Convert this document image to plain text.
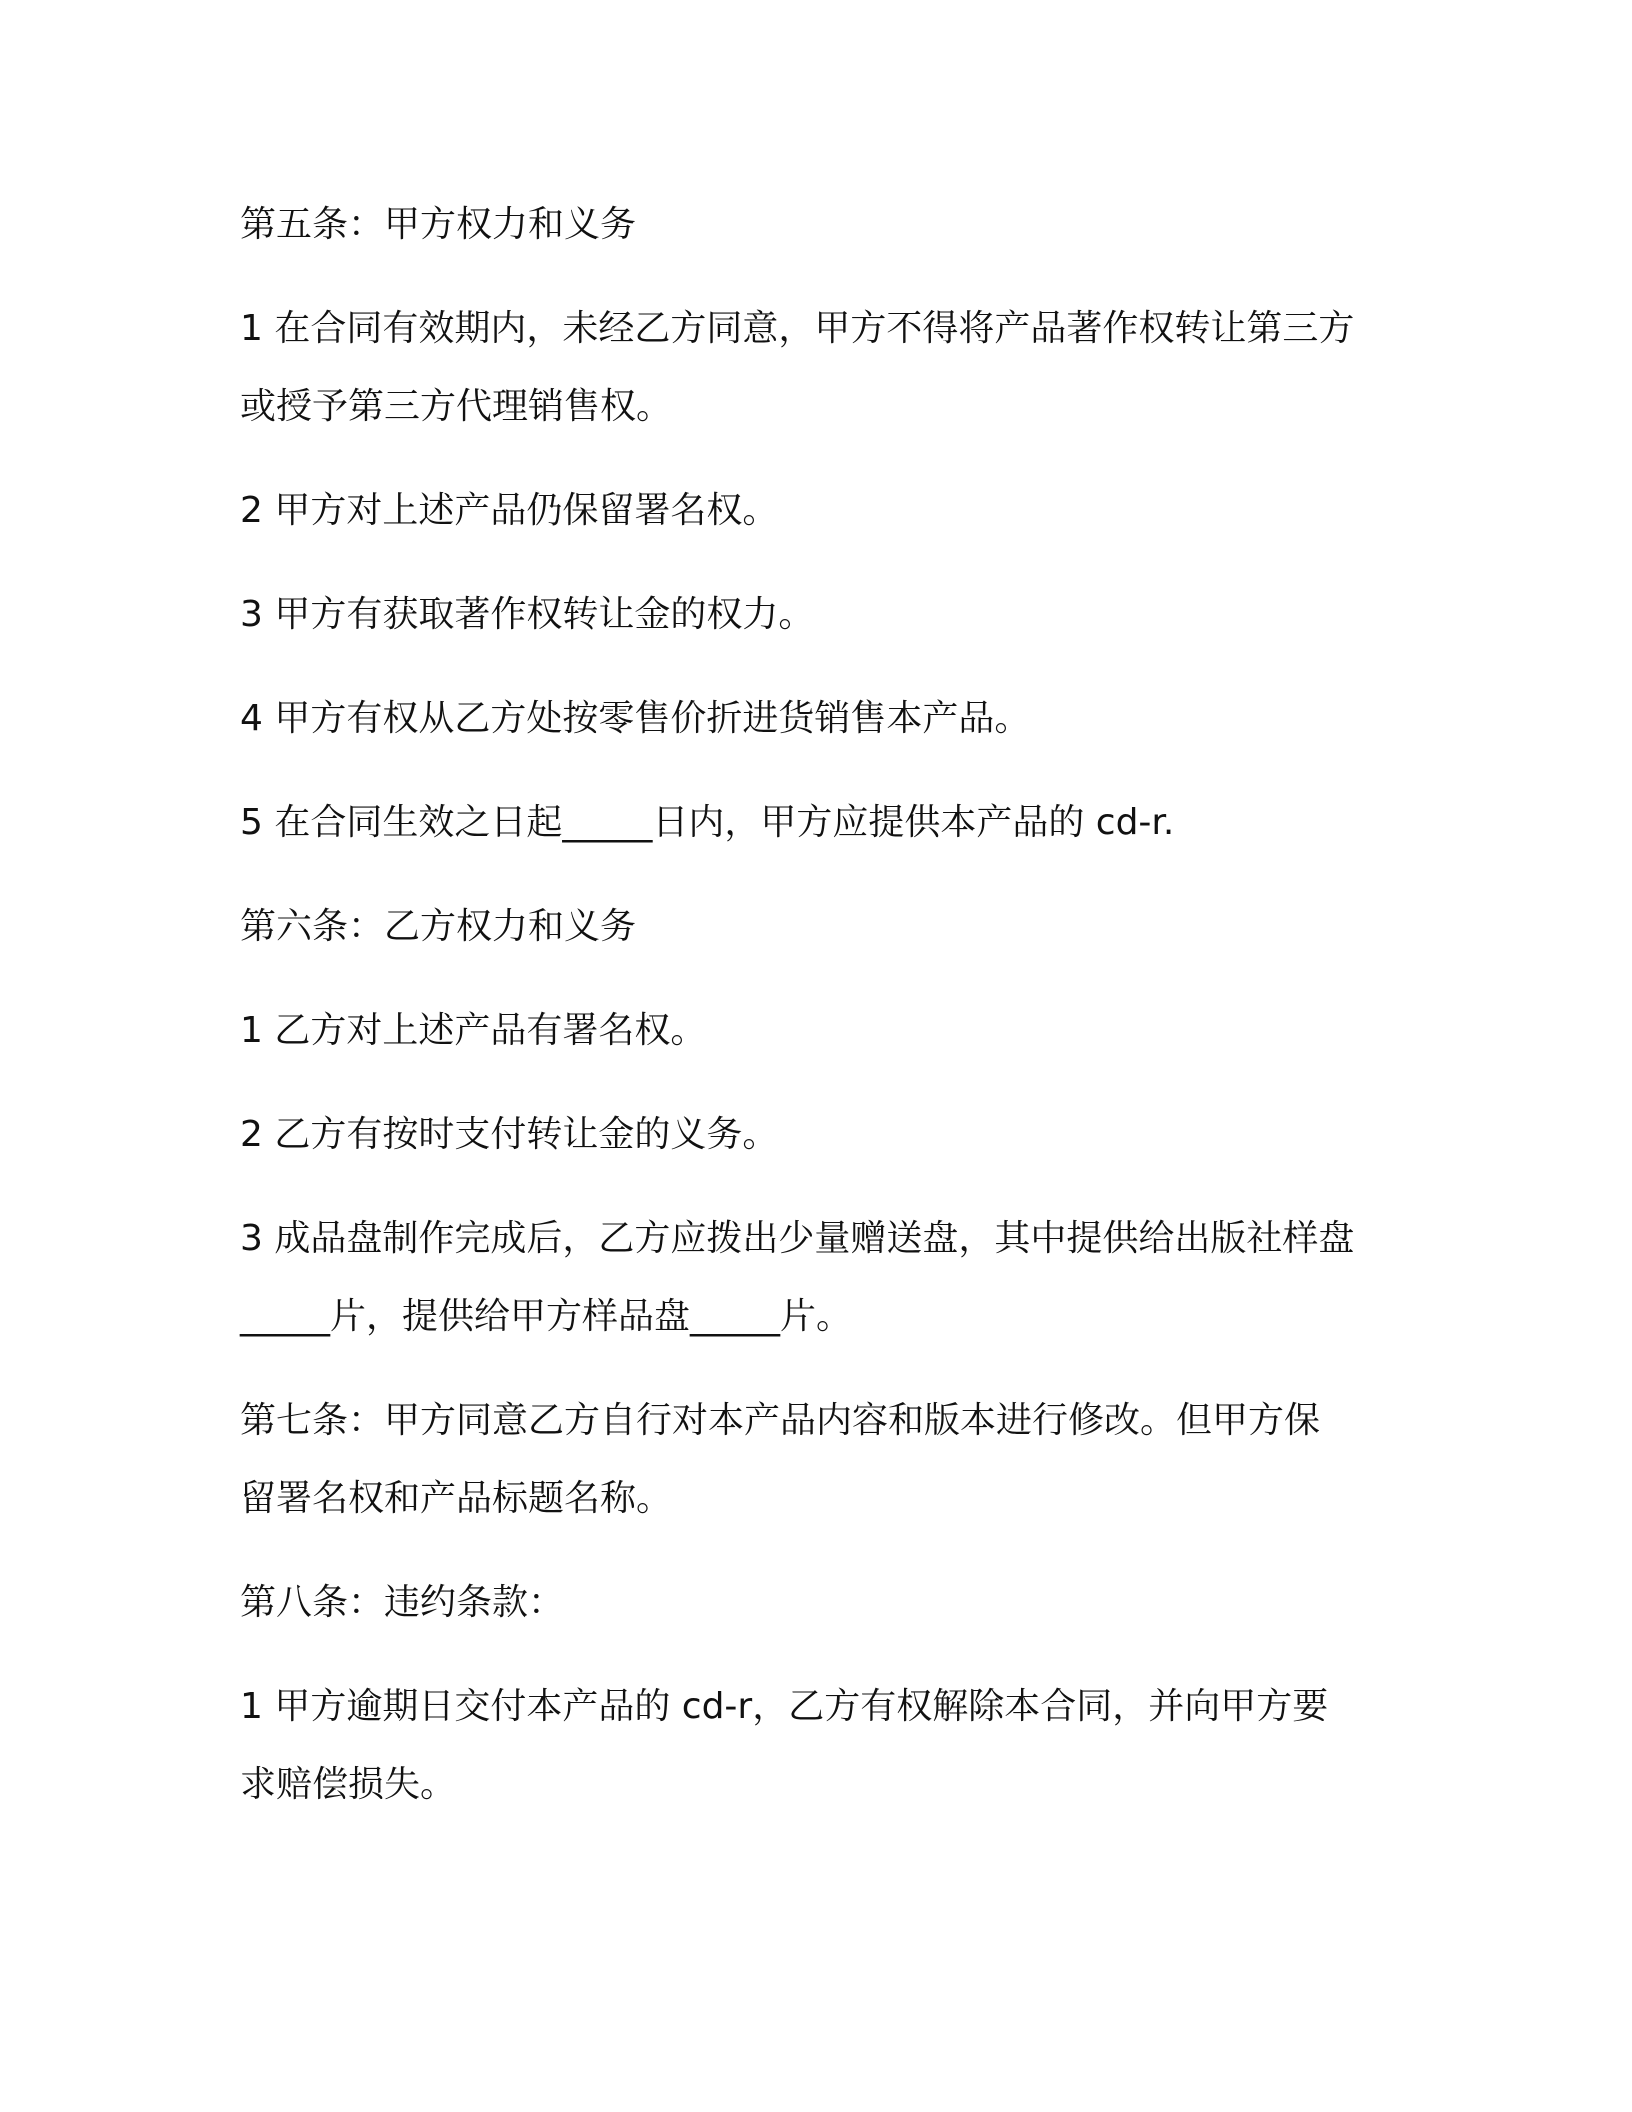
第五条：甲方权力和义务

1 在合同有效期内，未经乙方同意，甲方不得将产品著作权转让第三方
或授予第三方代理销售权。

2 甲方对上述产品仍保留署名权。

3 甲方有获取著作权转让金的权力。

4 甲方有权从乙方处按零售价折进货销售本产品。

5 在合同生效之日起_____日内，甲方应提供本产品的 cd-r.

第六条：乙方权力和义务

1 乙方对上述产品有署名权。

2 乙方有按时支付转让金的义务。

3 成品盘制作完成后，乙方应拨出少量赠送盘，其中提供给出版社样盘
_____片，提供给甲方样品盘_____片。

第七条：甲方同意乙方自行对本产品内容和版本进行修改。但甲方保
留署名权和产品标题名称。

第八条：违约条款：

1 甲方逾期日交付本产品的 cd-r，乙方有权解除本合同，并向甲方要
求赔偿损失。
